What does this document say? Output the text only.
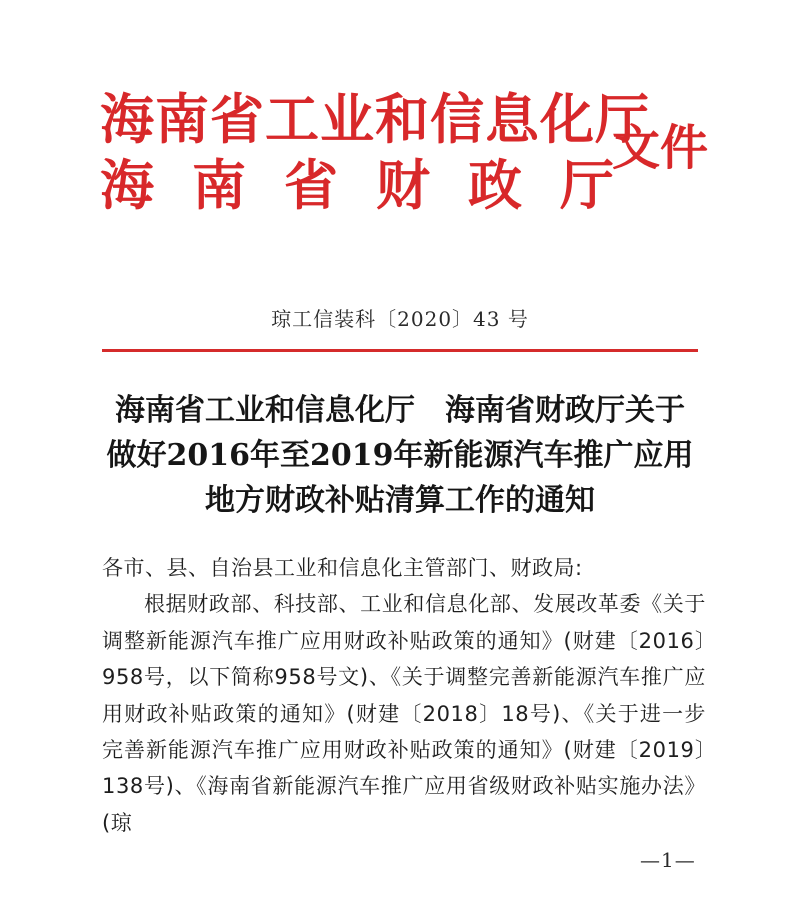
海南省工业和信息化厅
海南省财政厅
文件
琼工信装科〔2020〕43 号
海南省工业和信息化厅　海南省财政厅关于
做好2016年至2019年新能源汽车推广应用
地方财政补贴清算工作的通知

各市、县、自治县工业和信息化主管部门、财政局:

根据财政部、科技部、工业和信息化部、发展改革委《关于调整新能源汽车推广应用财政补贴政策的通知》(财建〔2016〕958号，以下简称958号文)、《关于调整完善新能源汽车推广应用财政补贴政策的通知》(财建〔2018〕18号)、《关于进一步完善新能源汽车推广应用财政补贴政策的通知》(财建〔2019〕138号)、《海南省新能源汽车推广应用省级财政补贴实施办法》(琼

—1—
